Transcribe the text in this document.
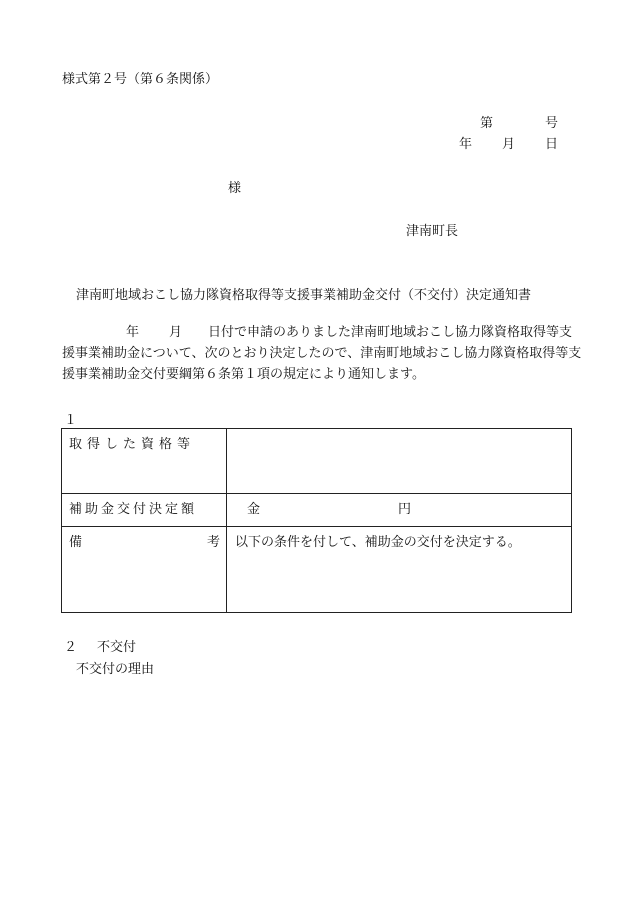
様式第２号（第６条関係）
第	号
年 月 日
様
津南町長
津南町地域おこし協力隊資格取得等支援事業補助金交付（不交付）決定通知書
年 月 日付で申請のありました津南町地域おこし協力隊資格取得等支援事業補助金について、次のとおり決定したので、津南町地域おこし協力隊資格取得等支援事業補助金交付要綱第６条第１項の規定により通知します。
１
取得した資格等	
補助金交付決定額	金 円

備 考	以下の条件を付して、補助金の交付を決定する。
２ 不交付
不交付の理由
